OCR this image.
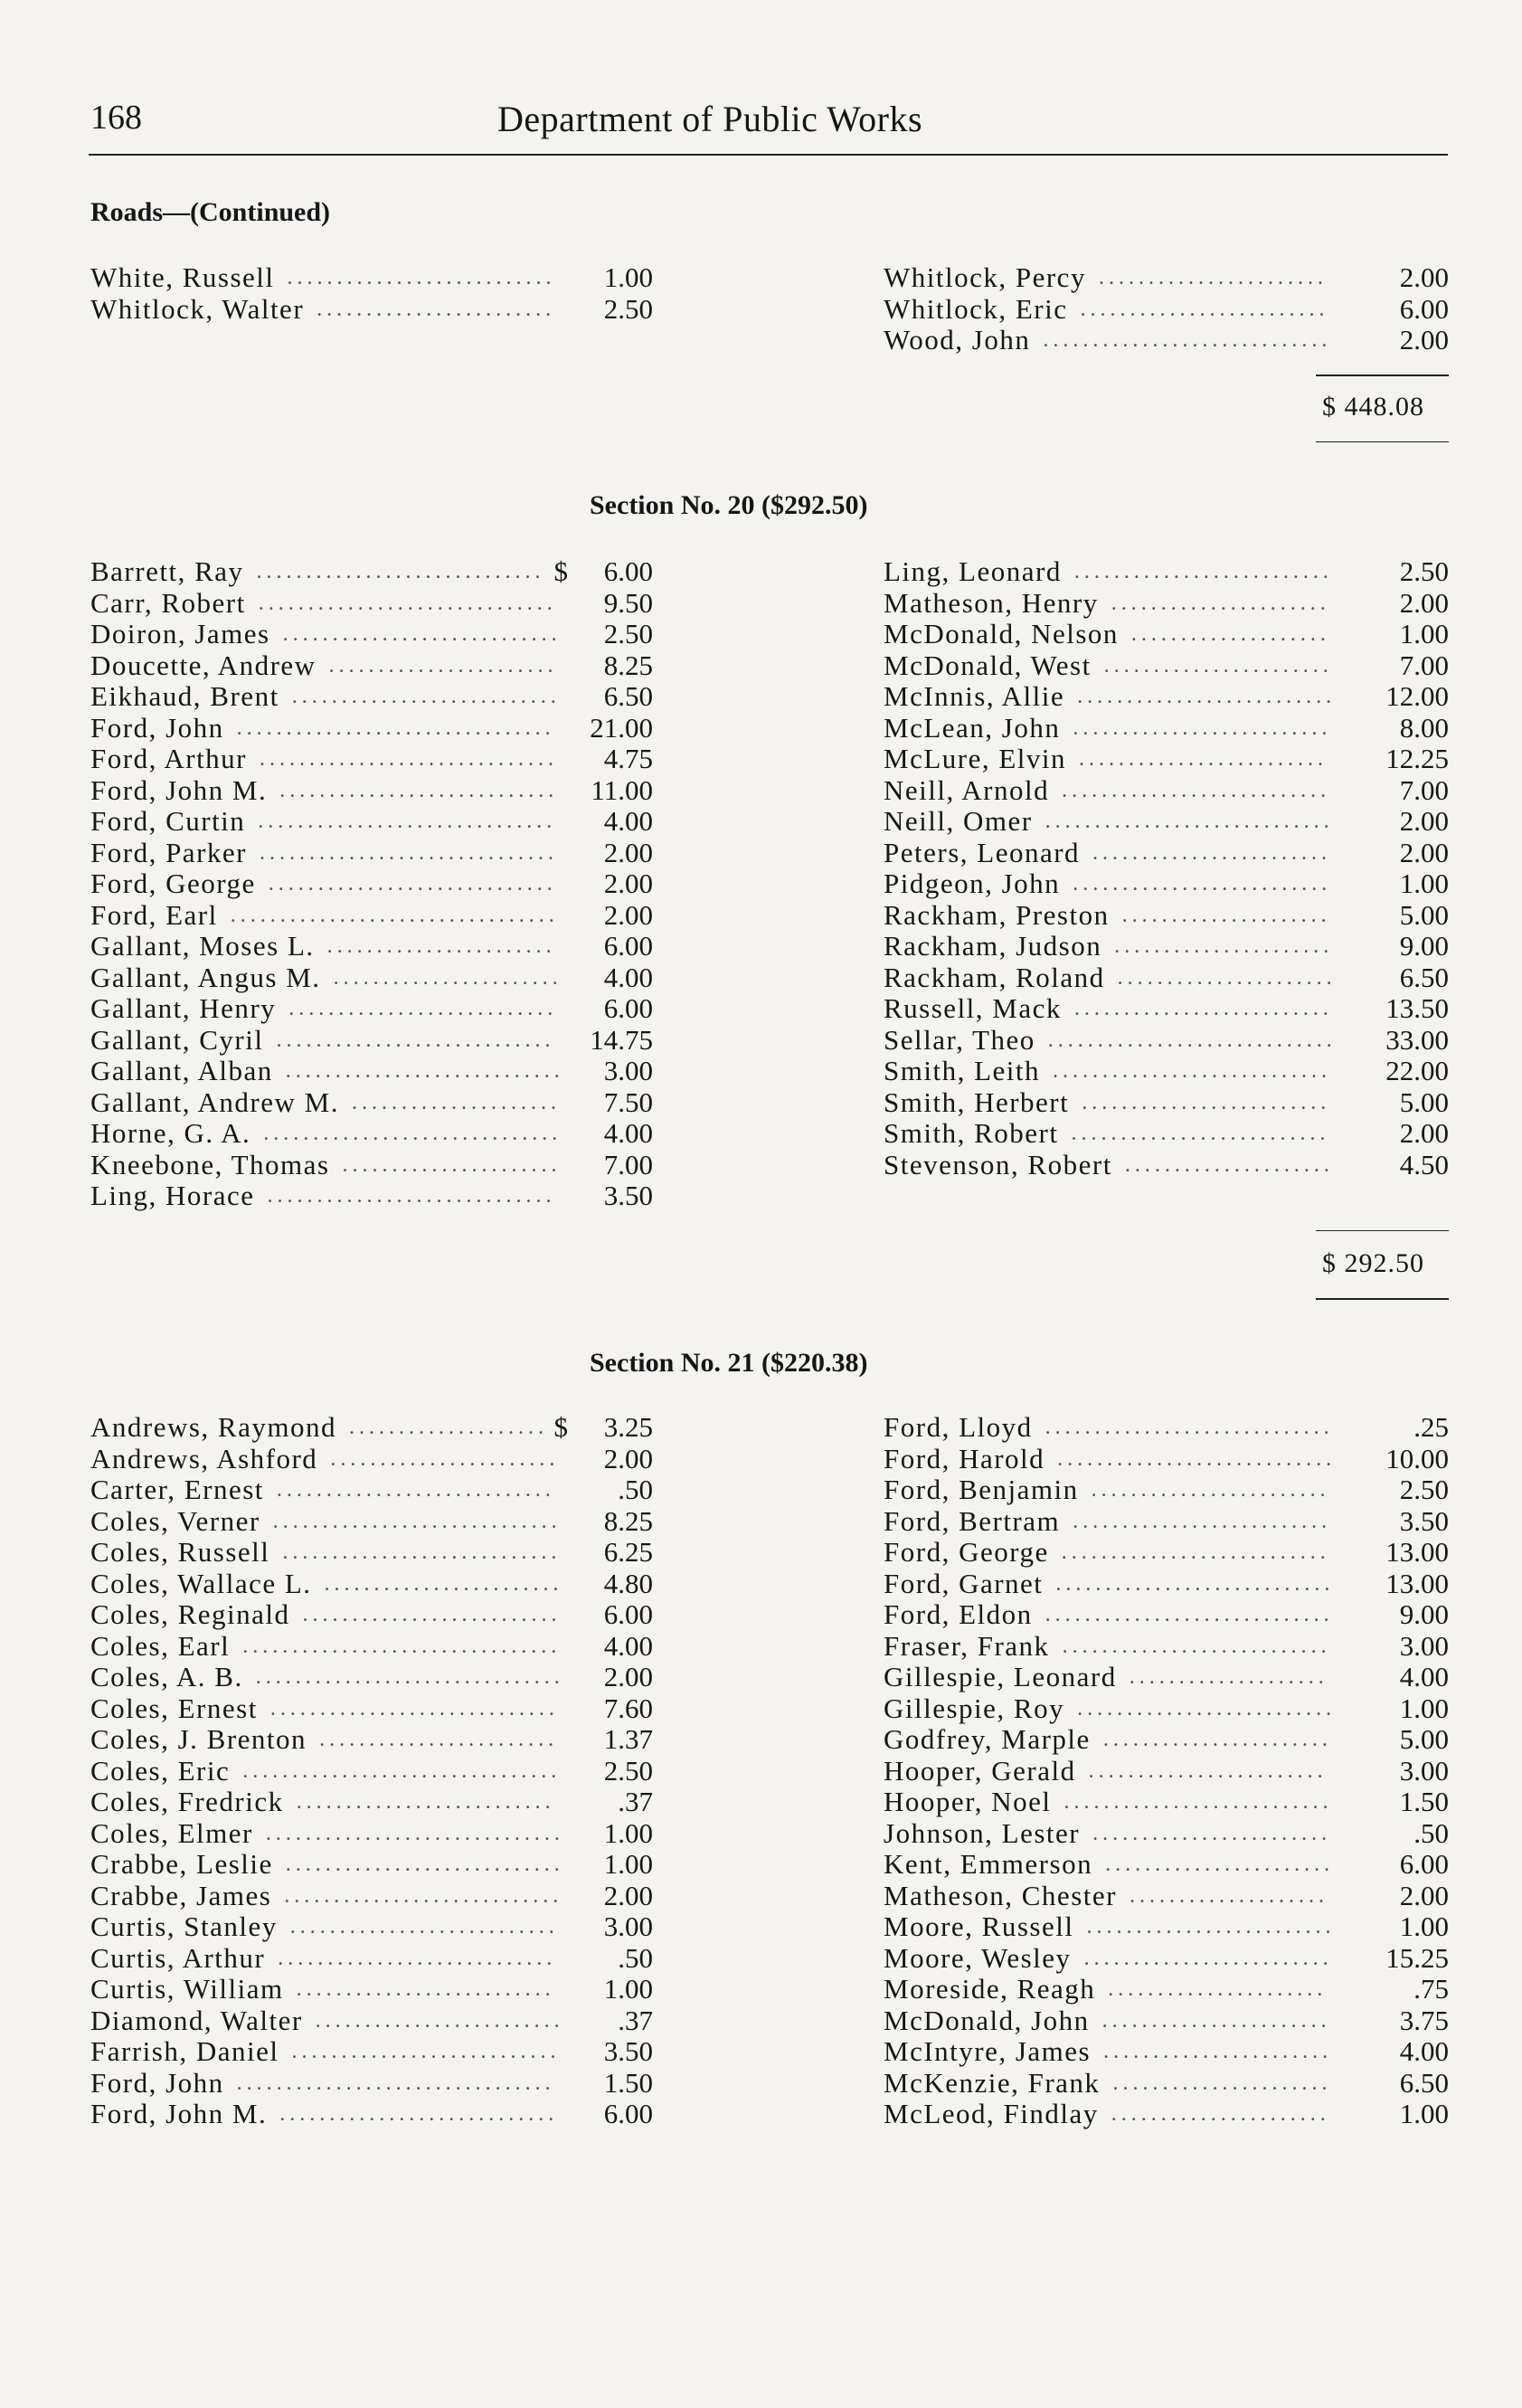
168	Department of Public Works
Roads—(Continued)
White, Russell ...........................	1.00
Whitlock, Walter ........................	2.50
Whitlock, Percy .......................	2.00
Whitlock, Eric .........................	6.00
Wood, John ............................. 2.00
$ 448.08
Section No. 20 ($292.50)
Barrett, Ray ............................. $ 6.00
Carr, Robert .............................. 9.50
Doiron, James ............................ 2.50
Doucette, Andrew ....................... 8.25
Eikhaud, Brent ........................... 6.50
Ford, John ................................	21.00
Ford, Arthur .............................. 4.75
Ford, John M. ............................ 11.00
Ford, Curtin .............................. 4.00
Ford, Parker .............................. 2.00
Ford, George ............................. 2.00
Ford, Earl ................................. 2.00
Gallant, Moses L. .......................	6.00
Gallant, Angus M. ....................... 4.00
Gallant, Henry ........................... 6.00
Gallant, Cyril ............................	14.75
Gallant, Alban ............................ 3.00
Gallant, Andrew M. ..................... 7.50
Horne, G. A. .............................. 4.00
Kneebone, Thomas ...................... 7.00
Ling, Horace .............................	3.50
Ling, Leonard .......................... 2.50
Matheson, Henry ...................... 2.00
McDonald, Nelson .................... 1.00
McDonald, West ....................... 7.00
McInnis, Allie .......................... 12.00
McLean, John .......................... 8.00
McLure, Elvin .........................	12.25
Neill, Arnold ........................... 7.00
Neill, Omer ............................. 2.00
Peters, Leonard ........................ 2.00
Pidgeon, John .......................... 1.00
Rackham, Preston ..................... 5.00
Rackham, Judson ...................... 9.00
Rackham, Roland ...................... 6.50
Russell, Mack .......................... 13.50
Sellar, Theo ............................. 33.00
Smith, Leith ............................ 22.00
Smith, Herbert ......................... 5.00
Smith, Robert .......................... 2.00
Stevenson, Robert ..................... 4.50
$ 292.50
Section No. 21 ($220.38)
Andrews, Raymond .................... $ 3.25
Andrews, Ashford ....................... 2.00
Carter, Ernest ............................	.50
Coles, Verner ............................. 8.25
Coles, Russell ............................ 6.25
Coles, Wallace L. ........................ 4.80
Coles, Reginald .......................... 6.00
Coles, Earl ................................ 4.00
Coles, A. B. ............................... 2.00
Coles, Ernest ............................. 7.60
Coles, J. Brenton ........................ 1.37
Coles, Eric ................................ 2.50
Coles, Fredrick ..........................	.37
Coles, Elmer .............................. 1.00
Crabbe, Leslie ............................ 1.00
Crabbe, James ............................ 2.00
Curtis, Stanley ........................... 3.00
Curtis, Arthur ............................ .50
Curtis, William ..........................	1.00
Diamond, Walter ......................... .37
Farrish, Daniel ........................... 3.50
Ford, John ................................	1.50
Ford, John M. ............................ 6.00
Ford, Lloyd .............................	.25
Ford, Harold ............................ 10.00
Ford, Benjamin ........................ 2.50
Ford, Bertram .......................... 3.50
Ford, George ........................... 13.00
Ford, Garnet ............................ 13.00
Ford, Eldon ............................. 9.00
Fraser, Frank ........................... 3.00
Gillespie, Leonard ....................	4.00
Gillespie, Roy .......................... 1.00
Godfrey, Marple ....................... 5.00
Hooper, Gerald ........................	3.00
Hooper, Noel ........................... 1.50
Johnson, Lester ........................	.50
Kent, Emmerson ....................... 6.00
Matheson, Chester ....................	2.00
Moore, Russell ......................... 1.00
Moore, Wesley ......................... 15.25
Moreside, Reagh ......................	.75
McDonald, John ....................... 3.75
McIntyre, James ....................... 4.00
McKenzie, Frank ...................... 6.50
McLeod, Findlay ...................... 1.00
